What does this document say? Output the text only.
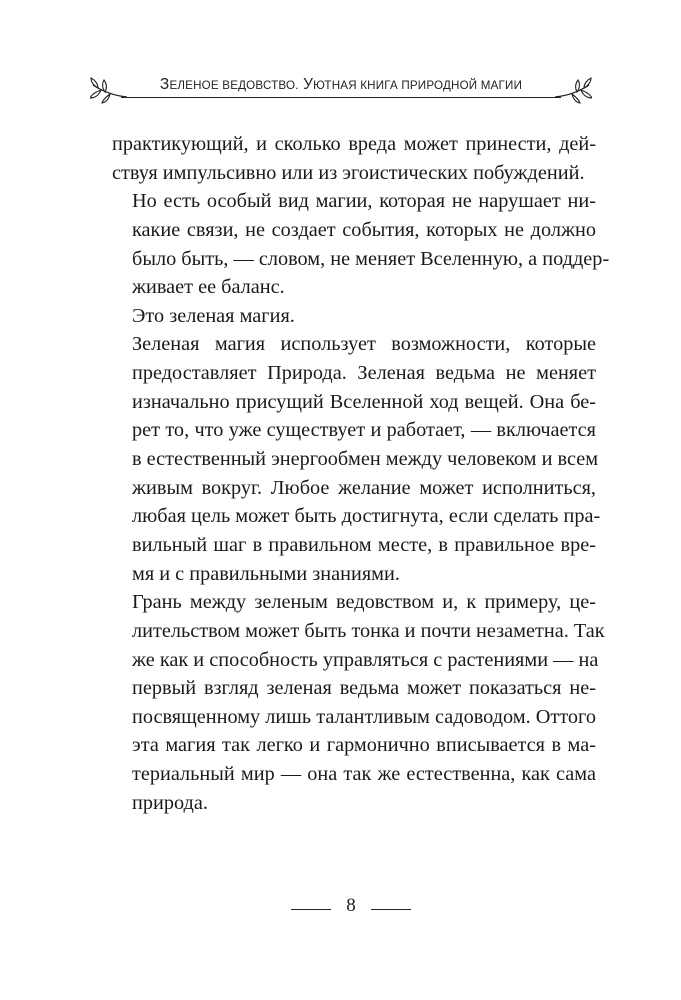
ЗЕЛЕНОЕ ВЕДОВСТВО. УЮТНАЯ КНИГА ПРИРОДНОЙ МАГИИ

практикующий, и сколько вреда может принести, дей-
ствуя импульсивно или из эгоистических побуждений.

Но есть особый вид магии, которая не нарушает ни-
какие связи, не создает события, которых не должно
было быть, — словом, не меняет Вселенную, а поддер-
живает ее баланс.

Это зеленая магия.

Зеленая магия использует возможности, которые
предоставляет Природа. Зеленая ведьма не меняет
изначально присущий Вселенной ход вещей. Она бе-
рет то, что уже существует и работает, — включается
в естественный энергообмен между человеком и всем
живым вокруг. Любое желание может исполниться,
любая цель может быть достигнута, если сделать пра-
вильный шаг в правильном месте, в правильное вре-
мя и с правильными знаниями.

Грань между зеленым ведовством и, к примеру, це-
лительством может быть тонка и почти незаметна. Так
же как и способность управляться с растениями — на
первый взгляд зеленая ведьма может показаться не-
посвященному лишь талантливым садоводом. Оттого
эта магия так легко и гармонично вписывается в ма-
териальный мир — она так же естественна, как сама
природа.

8
